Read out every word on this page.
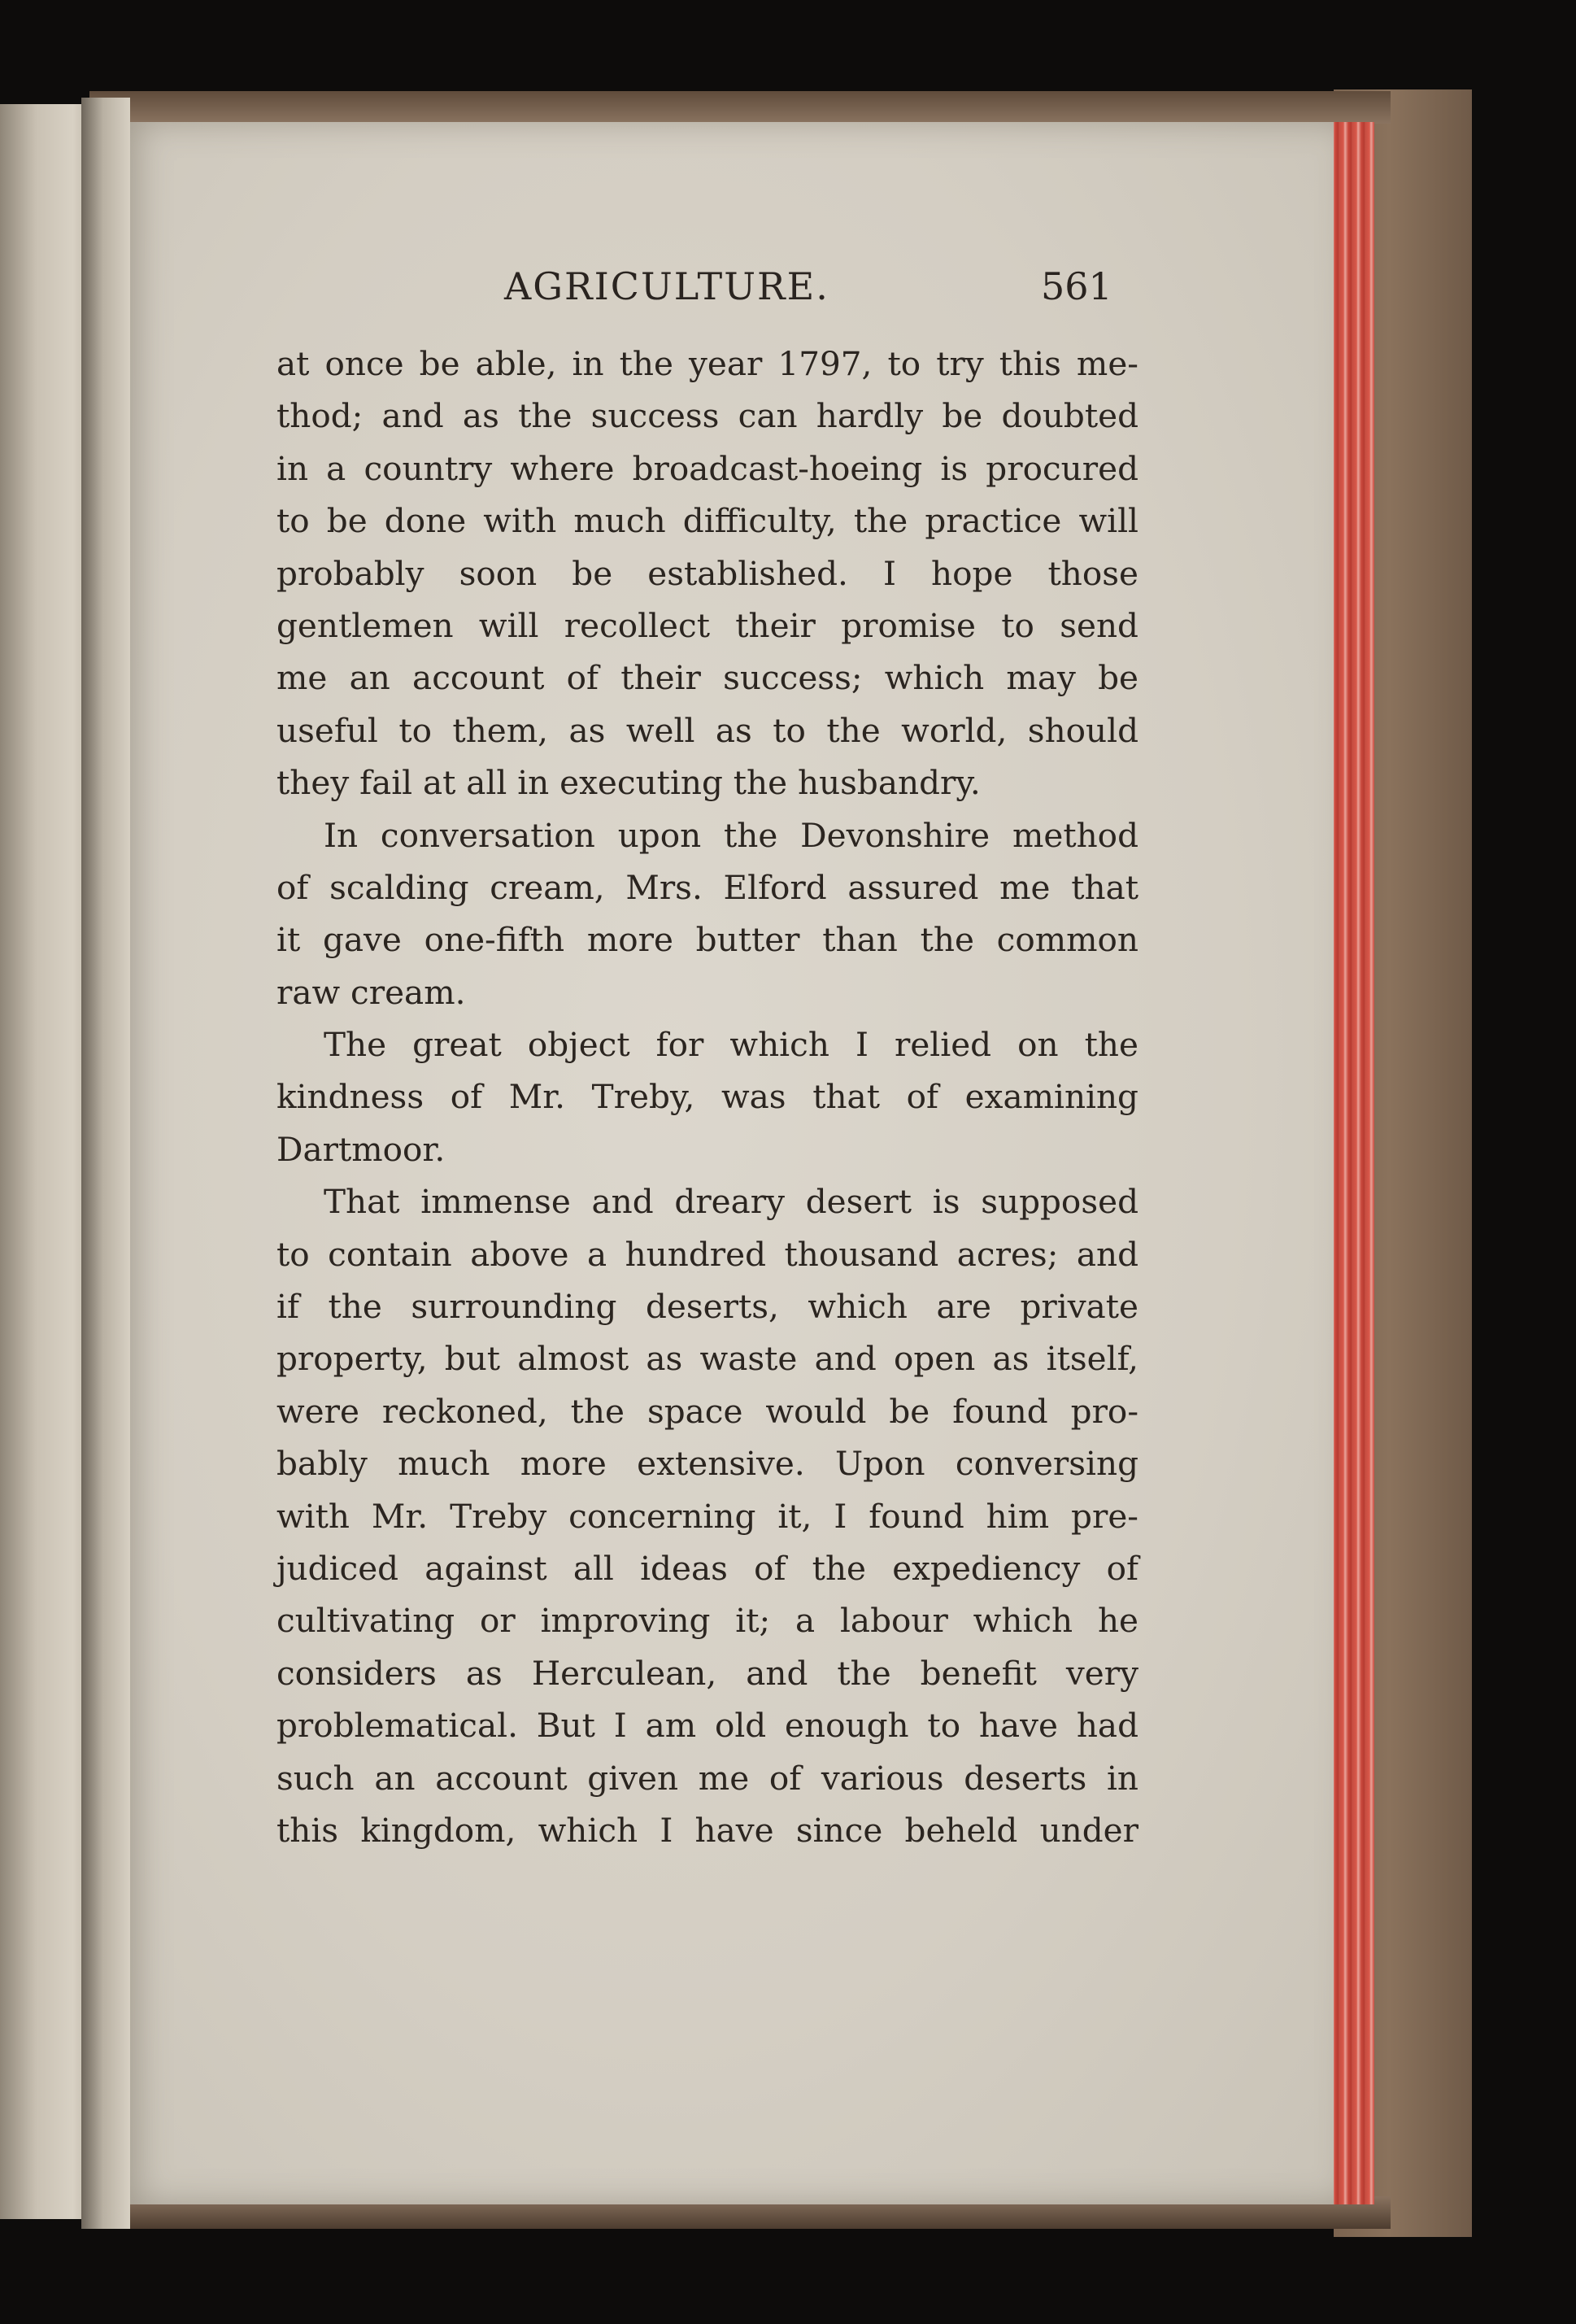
AGRICULTURE.	561
at once be able, in the year 1797, to try this me-
thod; and as the success can hardly be doubted
in a country where broadcast-hoeing is procured
to be done with much difficulty, the practice will
probably soon be established. I hope those
gentlemen will recollect their promise to send
me an account of their success; which may be
useful to them, as well as to the world, should
they fail at all in executing the husbandry.
In conversation upon the Devonshire method
of scalding cream, Mrs. Elford assured me that
it gave one-fifth more butter than the common
raw cream.
The great object for which I relied on the
kindness of Mr. Treby, was that of examining
Dartmoor.
That immense and dreary desert is supposed
to contain above a hundred thousand acres; and
if the surrounding deserts, which are private
property, but almost as waste and open as itself,
were reckoned, the space would be found pro-
bably much more extensive. Upon conversing
with Mr. Treby concerning it, I found him pre-
judiced against all ideas of the expediency of
cultivating or improving it; a labour which he
considers as Herculean, and the benefit very
problematical. But I am old enough to have had
such an account given me of various deserts in
this kingdom, which I have since beheld under
